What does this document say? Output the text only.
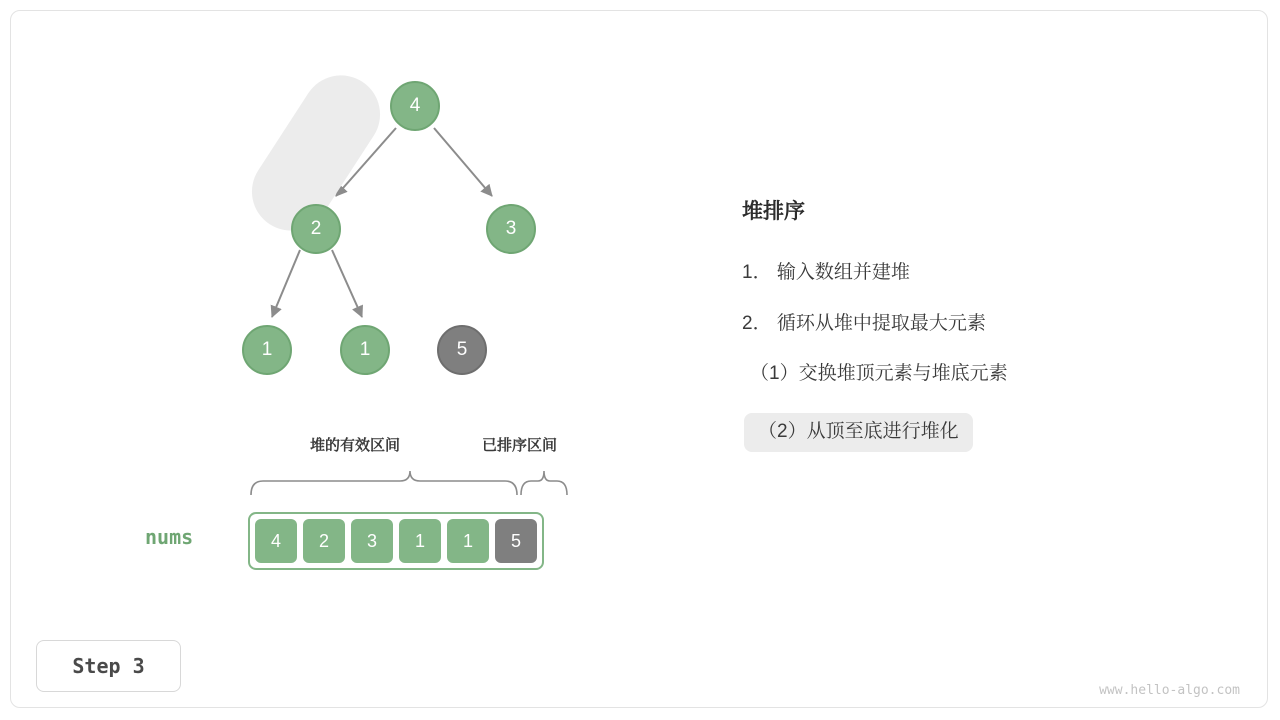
4
2	3
1	1	5
堆的有效区间	已排序区间
nums	4 2 3 1 1 5
堆排序
1． 输入数组并建堆
2． 循环从堆中提取最大元素
（1）交换堆顶元素与堆底元素
（2）从顶至底进行堆化
Step 3
www.hello-algo.com
